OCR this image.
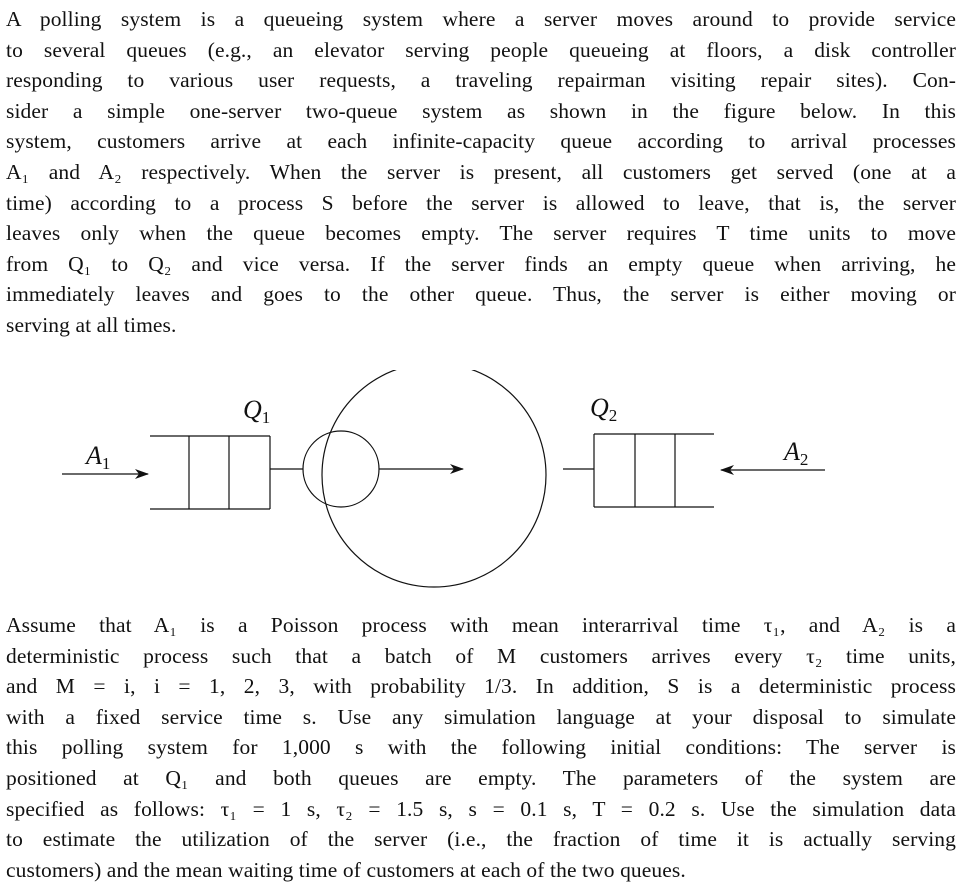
A polling system is a queueing system where a server moves around to provide service
to several queues (e.g., an elevator serving people queueing at floors, a disk controller
responding to various user requests, a traveling repairman visiting repair sites). Con-
sider a simple one-server two-queue system as shown in the figure below. In this
system, customers arrive at each infinite-capacity queue according to arrival processes
A₁ and A₂ respectively. When the server is present, all customers get served (one at a
time) according to a process S before the server is allowed to leave, that is, the server
leaves only when the queue becomes empty. The server requires T time units to move
from Q₁ to Q₂ and vice versa. If the server finds an empty queue when arriving, he
immediately leaves and goes to the other queue. Thus, the server is either moving or
serving at all times.
A1
Q1	Q2
A2
Assume that A₁ is a Poisson process with mean interarrival time τ₁, and A₂ is a
deterministic process such that a batch of M customers arrives every τ₂ time units,
and M = i, i = 1, 2, 3, with probability 1/3. In addition, S is a deterministic process
with a fixed service time s. Use any simulation language at your disposal to simulate
this polling system for 1,000 s with the following initial conditions: The server is
positioned at Q₁ and both queues are empty. The parameters of the system are
specified as follows: τ₁ = 1 s, τ₂ = 1.5 s, s = 0.1 s, T = 0.2 s. Use the simulation data
to estimate the utilization of the server (i.e., the fraction of time it is actually serving
customers) and the mean waiting time of customers at each of the two queues.
